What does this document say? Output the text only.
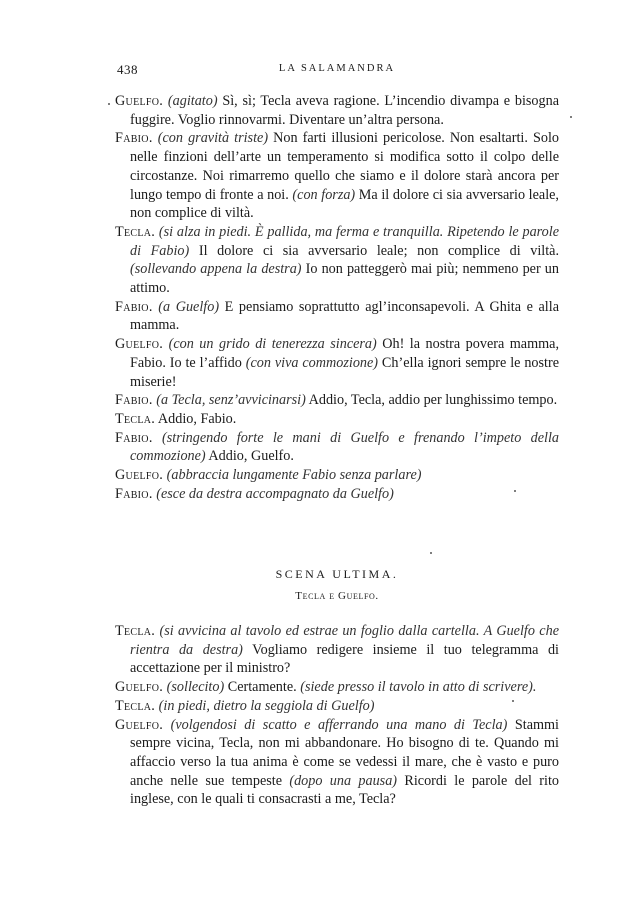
438	LA SALAMANDRA

Guelfo. (agitato) Sì, sì; Tecla aveva ragione. L’incendio divampa e bisogna fuggire. Voglio rinnovarmi. Diventare un’altra persona.

Fabio. (con gravità triste) Non farti illusioni pericolose. Non esaltarti. Solo nelle finzioni dell’arte un temperamento si modifica sotto il colpo delle circostanze. Noi rimarremo quello che siamo e il dolore starà ancora per lungo tempo di fronte a noi. (con forza) Ma il dolore ci sia avversario leale, non complice di viltà.

Tecla. (si alza in piedi. È pallida, ma ferma e tranquilla. Ripetendo le parole di Fabio) Il dolore ci sia avversario leale; non complice di viltà. (sollevando appena la destra) Io non patteggerò mai più; nemmeno per un attimo.

Fabio. (a Guelfo) E pensiamo soprattutto agl’inconsapevoli. A Ghita e alla mamma.

Guelfo. (con un grido di tenerezza sincera) Oh! la nostra povera mamma, Fabio. Io te l’affido (con viva commozione) Ch’ella ignori sempre le nostre miserie!

Fabio. (a Tecla, senz’avvicinarsi) Addio, Tecla, addio per lunghissimo tempo.

Tecla. Addio, Fabio.

Fabio. (stringendo forte le mani di Guelfo e frenando l’impeto della commozione) Addio, Guelfo.

Guelfo. (abbraccia lungamente Fabio senza parlare)

Fabio. (esce da destra accompagnato da Guelfo)

SCENA ULTIMA.
Tecla e Guelfo.

Tecla. (si avvicina al tavolo ed estrae un foglio dalla cartella. A Guelfo che rientra da destra) Vogliamo redigere insieme il tuo telegramma di accettazione per il ministro?

Guelfo. (sollecito) Certamente. (siede presso il tavolo in atto di scrivere).

Tecla. (in piedi, dietro la seggiola di Guelfo)

Guelfo. (volgendosi di scatto e afferrando una mano di Tecla) Stammi sempre vicina, Tecla, non mi abbandonare. Ho bisogno di te. Quando mi affaccio verso la tua anima è come se vedessi il mare, che è vasto e puro anche nelle sue tempeste (dopo una pausa) Ricordi le parole del rito inglese, con le quali ti consacrasti a me, Tecla?
